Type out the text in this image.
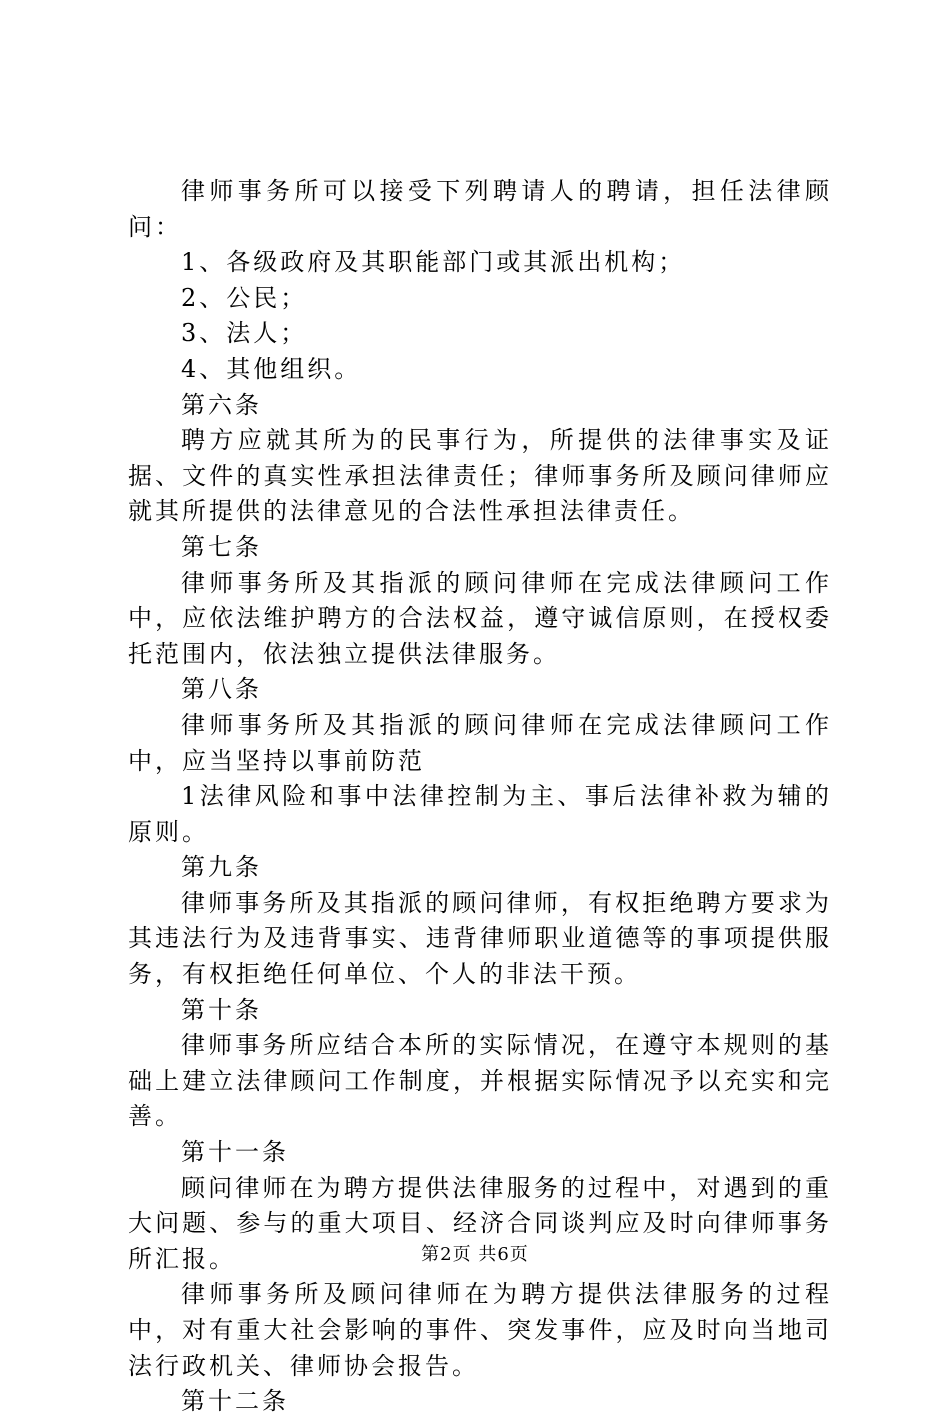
律师事务所可以接受下列聘请人的聘请，担任法律顾问：

1、各级政府及其职能部门或其派出机构；

2、公民；

3、法人；

4、其他组织。

第六条

聘方应就其所为的民事行为，所提供的法律事实及证据、文件的真实性承担法律责任；律师事务所及顾问律师应就其所提供的法律意见的合法性承担法律责任。

第七条

律师事务所及其指派的顾问律师在完成法律顾问工作中，应依法维护聘方的合法权益，遵守诚信原则，在授权委托范围内，依法独立提供法律服务。

第八条

律师事务所及其指派的顾问律师在完成法律顾问工作中，应当坚持以事前防范

1法律风险和事中法律控制为主、事后法律补救为辅的原则。

第九条

律师事务所及其指派的顾问律师，有权拒绝聘方要求为其违法行为及违背事实、违背律师职业道德等的事项提供服务，有权拒绝任何单位、个人的非法干预。

第十条

律师事务所应结合本所的实际情况，在遵守本规则的基础上建立法律顾问工作制度，并根据实际情况予以充实和完善。

第十一条

顾问律师在为聘方提供法律服务的过程中，对遇到的重大问题、参与的重大项目、经济合同谈判应及时向律师事务所汇报。

律师事务所及顾问律师在为聘方提供法律服务的过程中，对有重大社会影响的事件、突发事件，应及时向当地司法行政机关、律师协会报告。

第十二条

第2页 共6页
